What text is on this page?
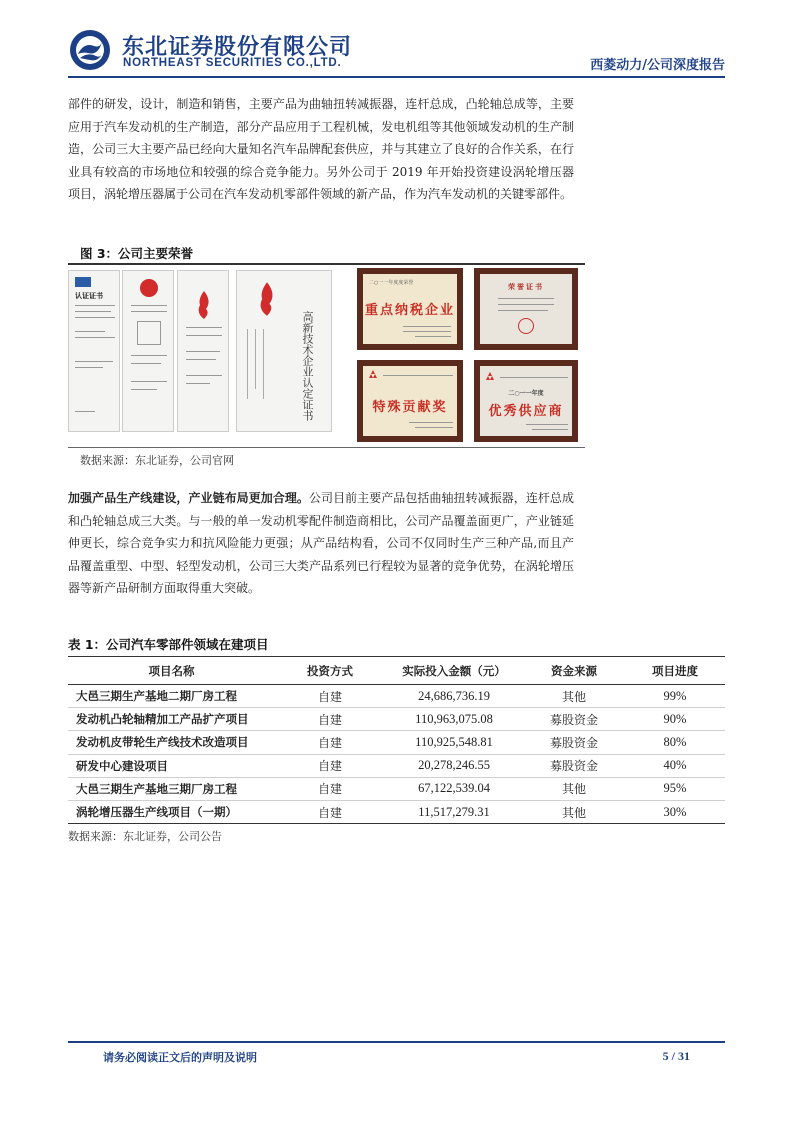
东北证券股份有限公司
NORTHEAST SECURITIES CO.,LTD.	西菱动力/公司深度报告

部件的研发，设计，制造和销售，主要产品为曲轴扭转减振器，连杆总成，凸轮轴总成等，主要应用于汽车发动机的生产制造，部分产品应用于工程机械，发电机组等其他领域发动机的生产制造，公司三大主要产品已经向大量知名汽车品牌配套供应，并与其建立了良好的合作关系，在行业具有较高的市场地位和较强的综合竞争能力。另外公司于 2019 年开始投资建设涡轮增压器项目，涡轮增压器属于公司在汽车发动机零部件领域的新产品，作为汽车发动机的关键零部件。

图 3：公司主要荣誉
认证证书
高新技术企业认定证书
二○一一年度度荣誉
重点纳税企业
荣誉证书
特殊贡献奖
二○一一年度
优秀供应商
数据来源：东北证券，公司官网

加强产品生产线建设，产业链布局更加合理。公司目前主要产品包括曲轴扭转减振器，连杆总成和凸轮轴总成三大类。与一般的单一发动机零配件制造商相比，公司产品覆盖面更广，产业链延伸更长，综合竞争实力和抗风险能力更强；从产品结构看，公司不仅同时生产三种产品,而且产品覆盖重型、中型、轻型发动机，公司三大类产品系列已行程较为显著的竞争优势，在涡轮增压器等新产品研制方面取得重大突破。

表 1：公司汽车零部件领域在建项目
项目名称	投资方式	实际投入金额（元）	资金来源	项目进度
大邑三期生产基地二期厂房工程	自建	24,686,736.19	其他	99%
发动机凸轮轴精加工产品扩产项目	自建	110,963,075.08	募股资金	90%
发动机皮带轮生产线技术改造项目	自建	110,925,548.81	募股资金	80%
研发中心建设项目	自建	20,278,246.55	募股资金	40%
大邑三期生产基地三期厂房工程	自建	67,122,539.04	其他	95%
涡轮增压器生产线项目（一期）	自建	11,517,279.31	其他	30%
数据来源：东北证券，公司公告
请务必阅读正文后的声明及说明	5 / 31
